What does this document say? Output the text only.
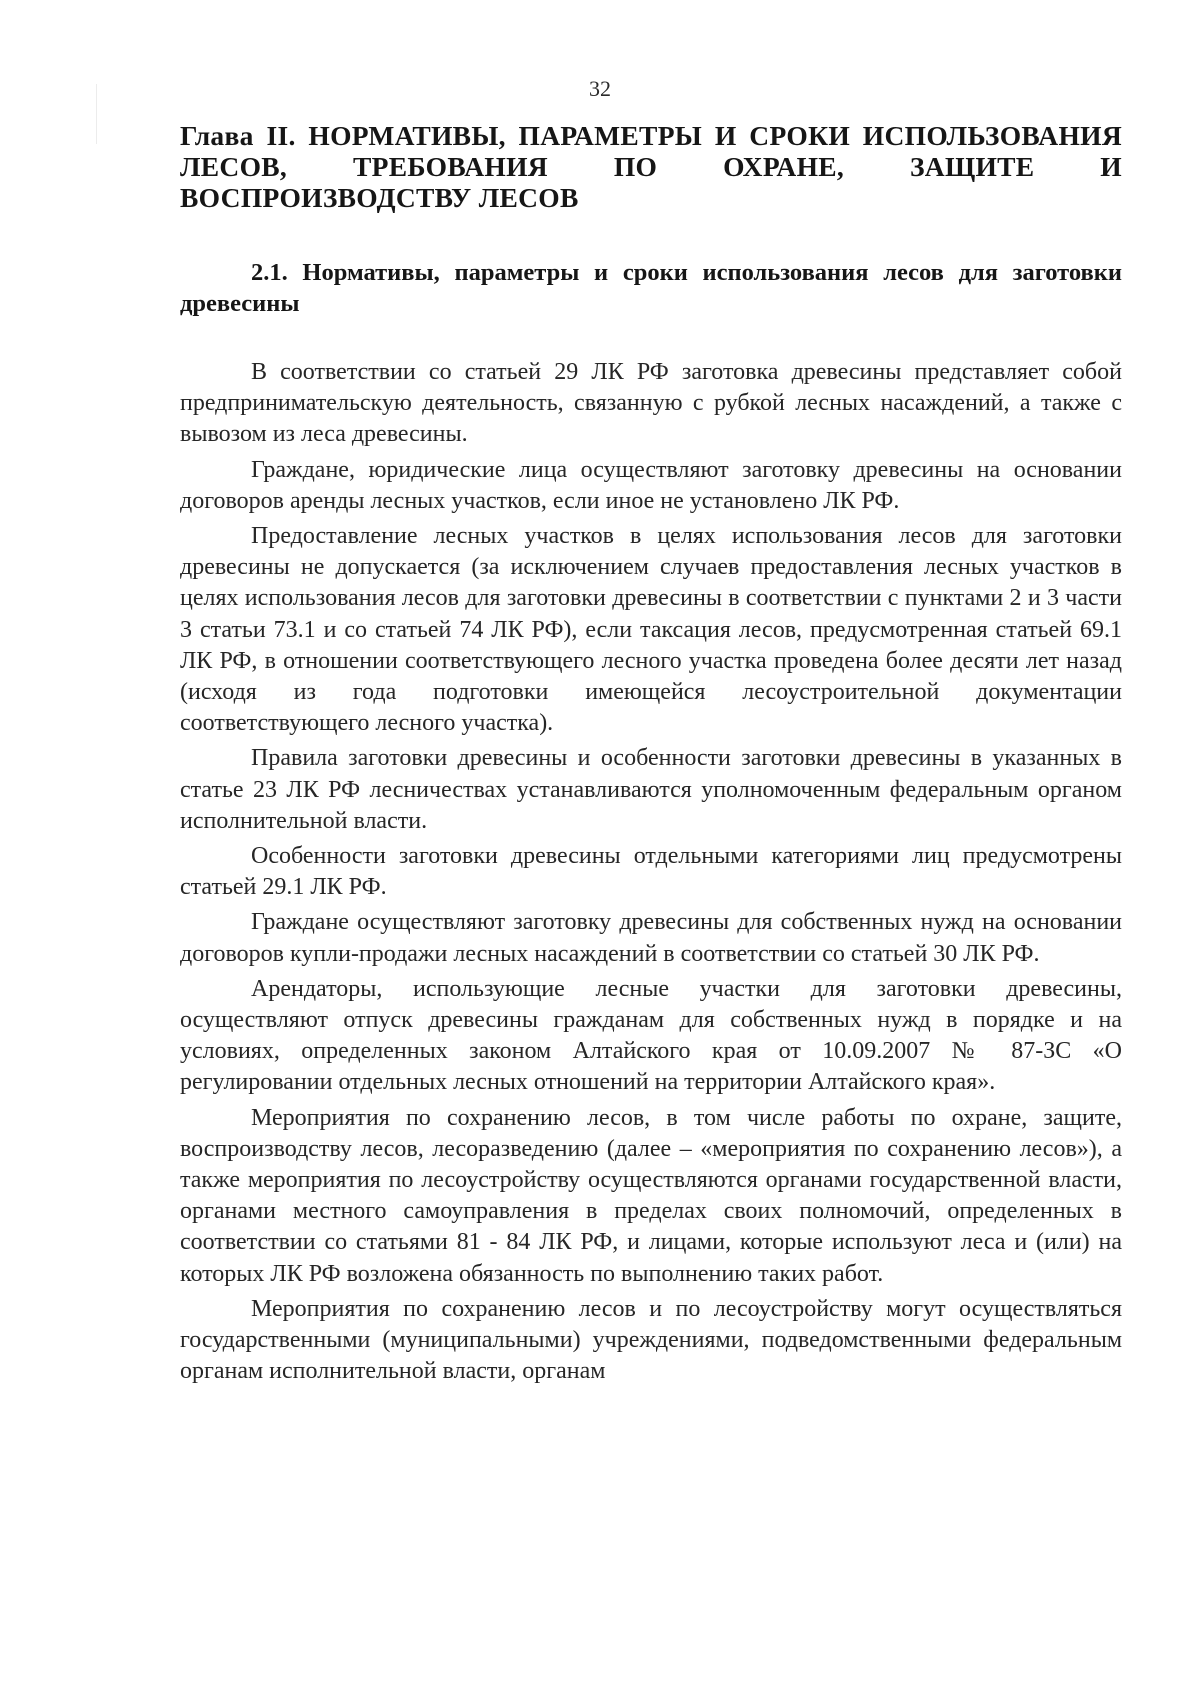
32
Глава II. НОРМАТИВЫ, ПАРАМЕТРЫ И СРОКИ ИСПОЛЬЗОВАНИЯ ЛЕСОВ, ТРЕБОВАНИЯ ПО ОХРАНЕ, ЗАЩИТЕ И ВОСПРОИЗВОДСТВУ ЛЕСОВ
2.1. Нормативы, параметры и сроки использования лесов для заготовки древесины

В соответствии со статьей 29 ЛК РФ заготовка древесины представляет собой предпринимательскую деятельность, связанную с рубкой лесных насаждений, а также с вывозом из леса древесины.

Граждане, юридические лица осуществляют заготовку древесины на основании договоров аренды лесных участков, если иное не установлено ЛК РФ.

Предоставление лесных участков в целях использования лесов для заготовки древесины не допускается (за исключением случаев предоставления лесных участков в целях использования лесов для заготовки древесины в соответствии с пунктами 2 и 3 части 3 статьи 73.1 и со статьей 74 ЛК РФ), если таксация лесов, предусмотренная статьей 69.1 ЛК РФ, в отношении соответствующего лесного участка проведена более десяти лет назад (исходя из года подготовки имеющейся лесоустроительной документации соответствующего лесного участка).

Правила заготовки древесины и особенности заготовки древесины в указанных в статье 23 ЛК РФ лесничествах устанавливаются уполномоченным федеральным органом исполнительной власти.

Особенности заготовки древесины отдельными категориями лиц предусмотрены статьей 29.1 ЛК РФ.

Граждане осуществляют заготовку древесины для собственных нужд на основании договоров купли-продажи лесных насаждений в соответствии со статьей 30 ЛК РФ.

Арендаторы, использующие лесные участки для заготовки древесины, осуществляют отпуск древесины гражданам для собственных нужд в порядке и на условиях, определенных законом Алтайского края от 10.09.2007 № 87-ЗС «О регулировании отдельных лесных отношений на территории Алтайского края».

Мероприятия по сохранению лесов, в том числе работы по охране, защите, воспроизводству лесов, лесоразведению (далее – «мероприятия по сохранению лесов»), а также мероприятия по лесоустройству осуществляются органами государственной власти, органами местного самоуправления в пределах своих полномочий, определенных в соответствии со статьями 81 - 84 ЛК РФ, и лицами, которые используют леса и (или) на которых ЛК РФ возложена обязанность по выполнению таких работ.

Мероприятия по сохранению лесов и по лесоустройству могут осуществляться государственными (муниципальными) учреждениями, подведомственными федеральным органам исполнительной власти, органам
